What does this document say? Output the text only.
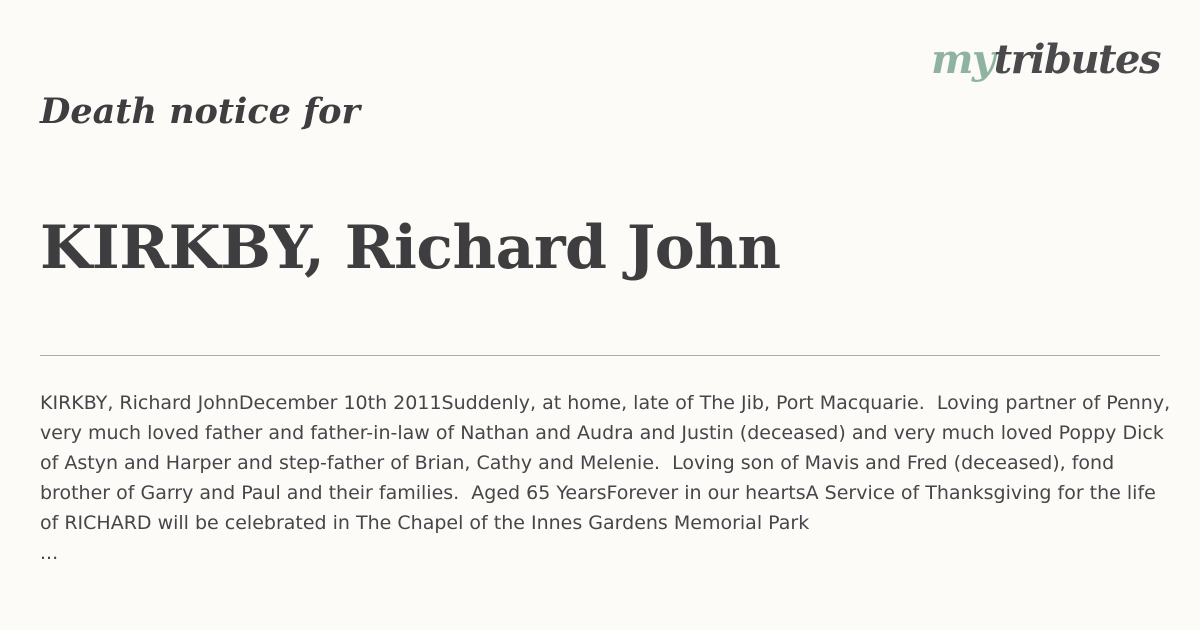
mytributes
Death notice for
KIRKBY, Richard John

KIRKBY, Richard JohnDecember 10th 2011Suddenly, at home, late of The Jib, Port Macquarie.  Loving partner of Penny, very much loved father and father-in-law of Nathan and Audra and Justin (deceased) and very much loved Poppy Dick of Astyn and Harper and step-father of Brian, Cathy and Melenie.  Loving son of Mavis and Fred (deceased), fond brother of Garry and Paul and their families.  Aged 65 YearsForever in our heartsA Service of Thanksgiving for the life of RICHARD will be celebrated in The Chapel of the Innes Gardens Memorial Park
...
